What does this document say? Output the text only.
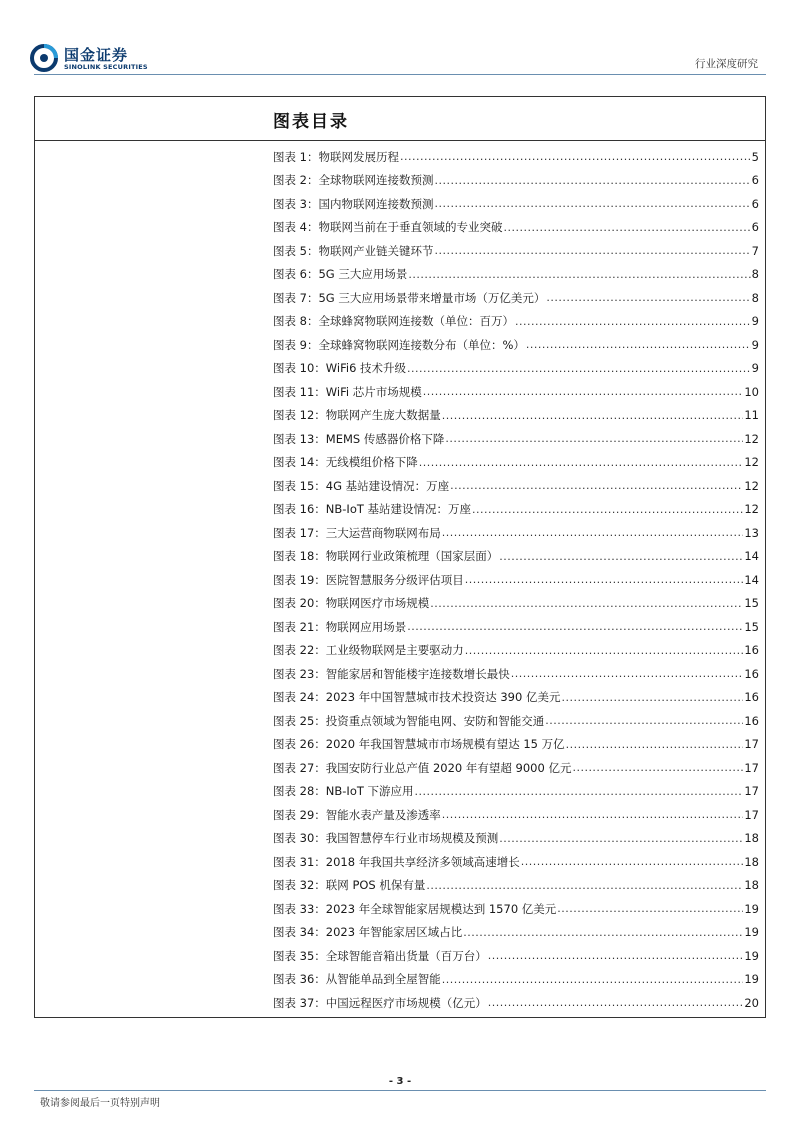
国金证券
SINOLINK SECURITIES	行业深度研究
图表目录
图表 1：物联网发展历程 .....	5
图表 2：全球物联网连接数预测 .....	6
图表 3：国内物联网连接数预测 .....	6
图表 4：物联网当前在于垂直领域的专业突破 .....	6
图表 5：物联网产业链关键环节 .....	7
图表 6：5G 三大应用场景 .....	8
图表 7：5G 三大应用场景带来增量市场（万亿美元） .....	8
图表 8：全球蜂窝物联网连接数（单位：百万） .....	9
图表 9：全球蜂窝物联网连接数分布（单位：%） .....	9
图表 10：WiFi6 技术升级 .....	9
图表 11：WiFi 芯片市场规模 .....	10
图表 12：物联网产生庞大数据量 .....	11
图表 13：MEMS 传感器价格下降 .....	12
图表 14：无线模组价格下降 .....	12
图表 15：4G 基站建设情况：万座 .....	12
图表 16：NB-IoT 基站建设情况：万座 .....	12
图表 17：三大运营商物联网布局 .....	13
图表 18：物联网行业政策梳理（国家层面） .....	14
图表 19：医院智慧服务分级评估项目 .....	14
图表 20：物联网医疗市场规模 .....	15
图表 21：物联网应用场景 .....	15
图表 22：工业级物联网是主要驱动力 .....	16
图表 23：智能家居和智能楼宇连接数增长最快 .....	16
图表 24：2023 年中国智慧城市技术投资达 390 亿美元 .....	16
图表 25：投资重点领域为智能电网、安防和智能交通 .....	16
图表 26：2020 年我国智慧城市市场规模有望达 15 万亿 .....	17
图表 27：我国安防行业总产值 2020 年有望超 9000 亿元 .....	17
图表 28：NB-IoT 下游应用 .....	17
图表 29：智能水表产量及渗透率 .....	17
图表 30：我国智慧停车行业市场规模及预测 .....	18
图表 31：2018 年我国共享经济多领域高速增长 .....	18
图表 32：联网 POS 机保有量 .....	18
图表 33：2023 年全球智能家居规模达到 1570 亿美元 .....	19
图表 34：2023 年智能家居区域占比 .....	19
图表 35：全球智能音箱出货量（百万台） .....	19
图表 36：从智能单品到全屋智能 .....	19
图表 37：中国远程医疗市场规模（亿元） .....	20
- 3 -
敬请参阅最后一页特别声明
